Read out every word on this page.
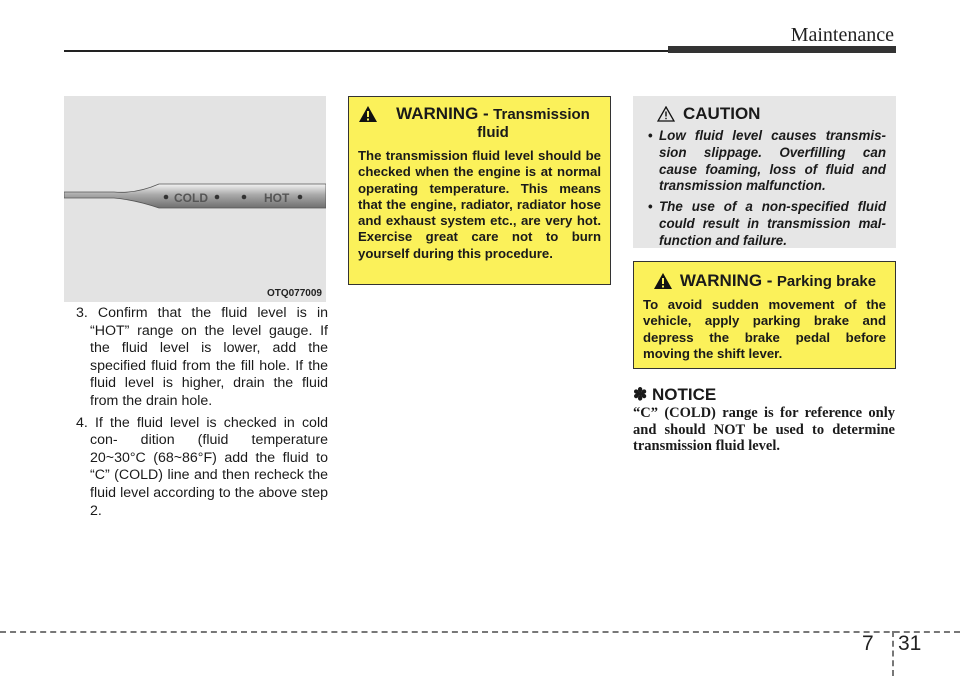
Maintenance
COLD	HOT
OTQ077009

3. Confirm that the fluid level is in “HOT” range on the level gauge. If the fluid level is lower, add the specified fluid from the fill hole. If the fluid level is higher, drain the fluid from the drain hole.

4. If the fluid level is checked in cold con- dition (fluid temperature 20~30°C (68~86°F) add the fluid to “C” (COLD) line and then recheck the fluid level according to the above step 2.

WARNING - Transmission fluid
The transmission fluid level should be checked when the engine is at normal operating temperature. This means that the engine, radiator, radiator hose and exhaust system etc., are very hot. Exercise great care not to burn yourself during this procedure.
CAUTION
• Low fluid level causes transmis- sion slippage. Overfilling can cause foaming, loss of fluid and transmission malfunction.
• The use of a non-specified fluid could result in transmission mal- function and failure.
WARNING - Parking brake
To avoid sudden movement of the vehicle, apply parking brake and depress the brake pedal before moving the shift lever.
✽ NOTICE
“C” (COLD) range is for reference only and should NOT be used to determine transmission fluid level.
7 31
